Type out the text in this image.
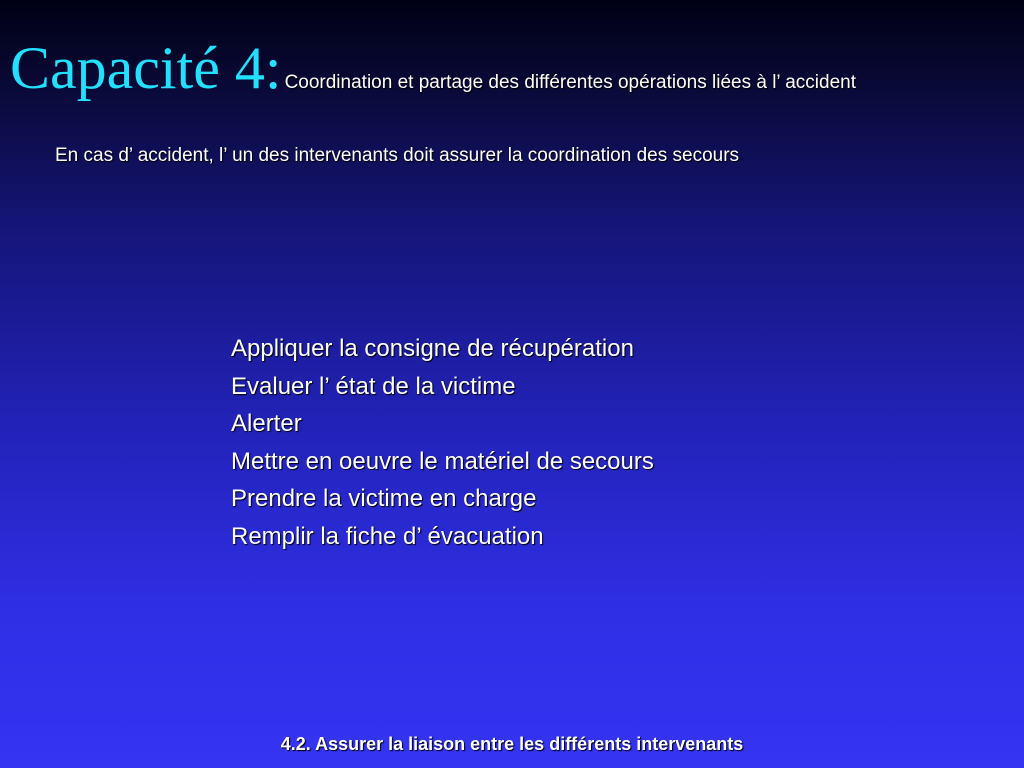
Capacité 4: Coordination et partage des différentes opérations liées à l’ accident
En cas d’ accident, l’ un des intervenants doit assurer la coordination des secours
Appliquer la consigne de récupération
Evaluer l’ état de la victime
Alerter
Mettre en oeuvre le matériel de secours
Prendre la victime en charge
Remplir la fiche d’ évacuation
4.2. Assurer la liaison entre les différents intervenants
